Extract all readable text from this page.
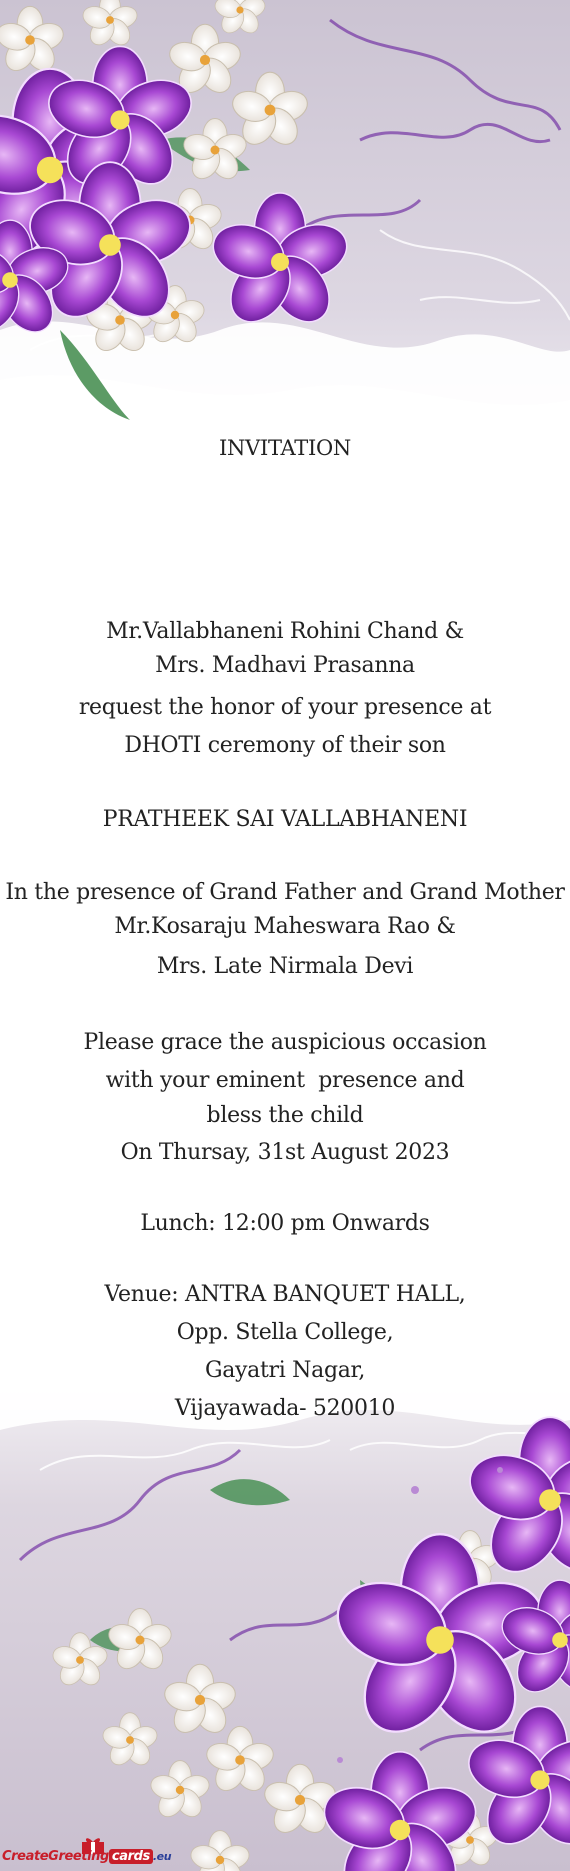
INVITATION

Mr.Vallabhaneni Rohini Chand &

Mrs. Madhavi Prasanna

request the honor of your presence at

DHOTI ceremony of their son

PRATHEEK SAI VALLABHANENI

In the presence of Grand Father and Grand Mother

Mr.Kosaraju Maheswara Rao &

Mrs. Late Nirmala Devi

Please grace the auspicious occasion

with your eminent  presence and

bless the child

On Thursay, 31st August 2023

Lunch: 12:00 pm Onwards

Venue: ANTRA BANQUET HALL,

Opp. Stella College,

Gayatri Nagar,

Vijayawada- 520010

CreateGreeting cards .eu
